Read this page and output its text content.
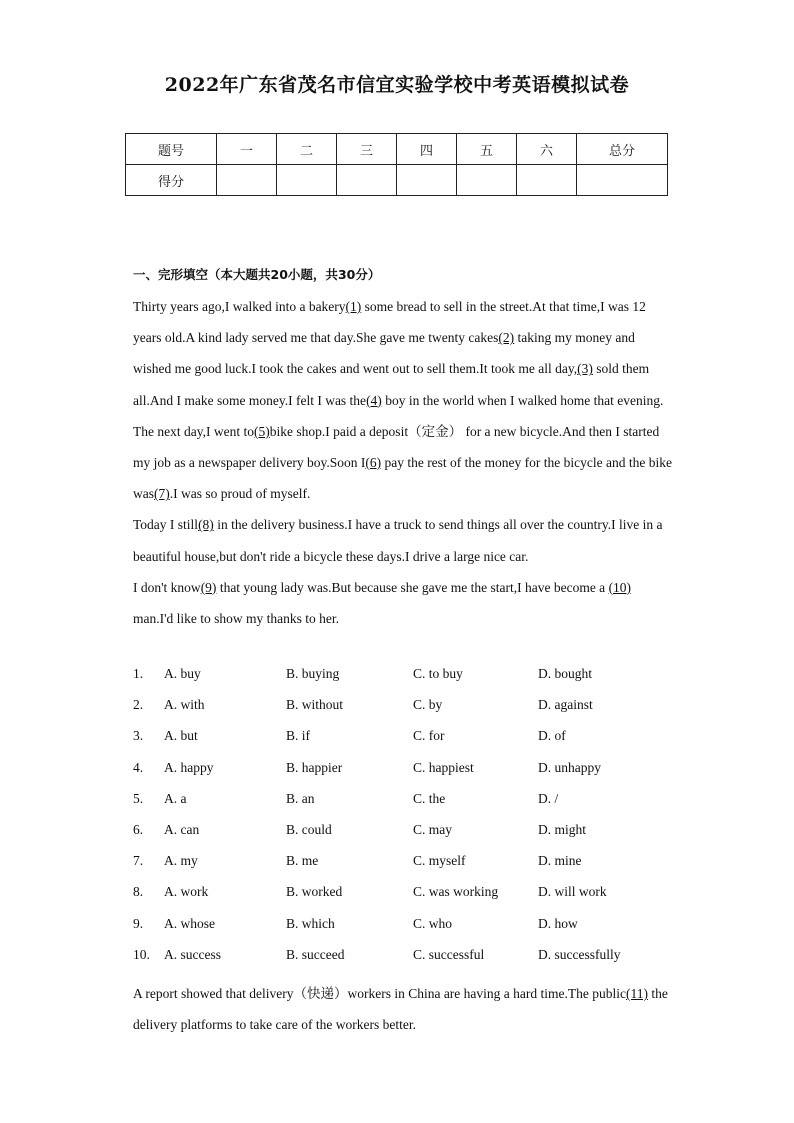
2022年广东省茂名市信宜实验学校中考英语模拟试卷
题号	一	二	三	四	五	六	总分
得分							
一、完形填空（本大题共20小题，共30分）

Thirty years ago,I walked into a bakery(1) some bread to sell in the street.At that time,I was 12 years old.A kind lady served me that day.She gave me twenty cakes(2) taking my money and wished me good luck.I took the cakes and went out to sell them.It took me all day,(3) sold them all.And I make some money.I felt I was the(4) boy in the world when I walked home that evening.

The next day,I went to(5)bike shop.I paid a deposit（定金） for a new bicycle.And then I started my job as a newspaper delivery boy.Soon I(6) pay the rest of the money for the bicycle and the bike was(7).I was so proud of myself.

Today I still(8) in the delivery business.I have a truck to send things all over the country.I live in a beautiful house,but don't ride a bicycle these days.I drive a large nice car.

I don't know(9) that young lady was.But because she gave me the start,I have become a (10) man.I'd like to show my thanks to her.

1. A. buy	B. buying	C. to buy	D. bought
2. A. with	B. without	C. by	D. against
3. A. but	B. if	C. for	D. of
4. A. happy	B. happier	C. happiest	D. unhappy
5. A. a	B. an	C. the	D. /
6. A. can	B. could	C. may	D. might
7. A. my	B. me	C. myself	D. mine
8. A. work	B. worked	C. was working	D. will work
9. A. whose	B. which	C. who	D. how
10. A. success	B. succeed	C. successful	D. successfully

A report showed that delivery（快递）workers in China are having a hard time.The public(11) the delivery platforms to take care of the workers better.
